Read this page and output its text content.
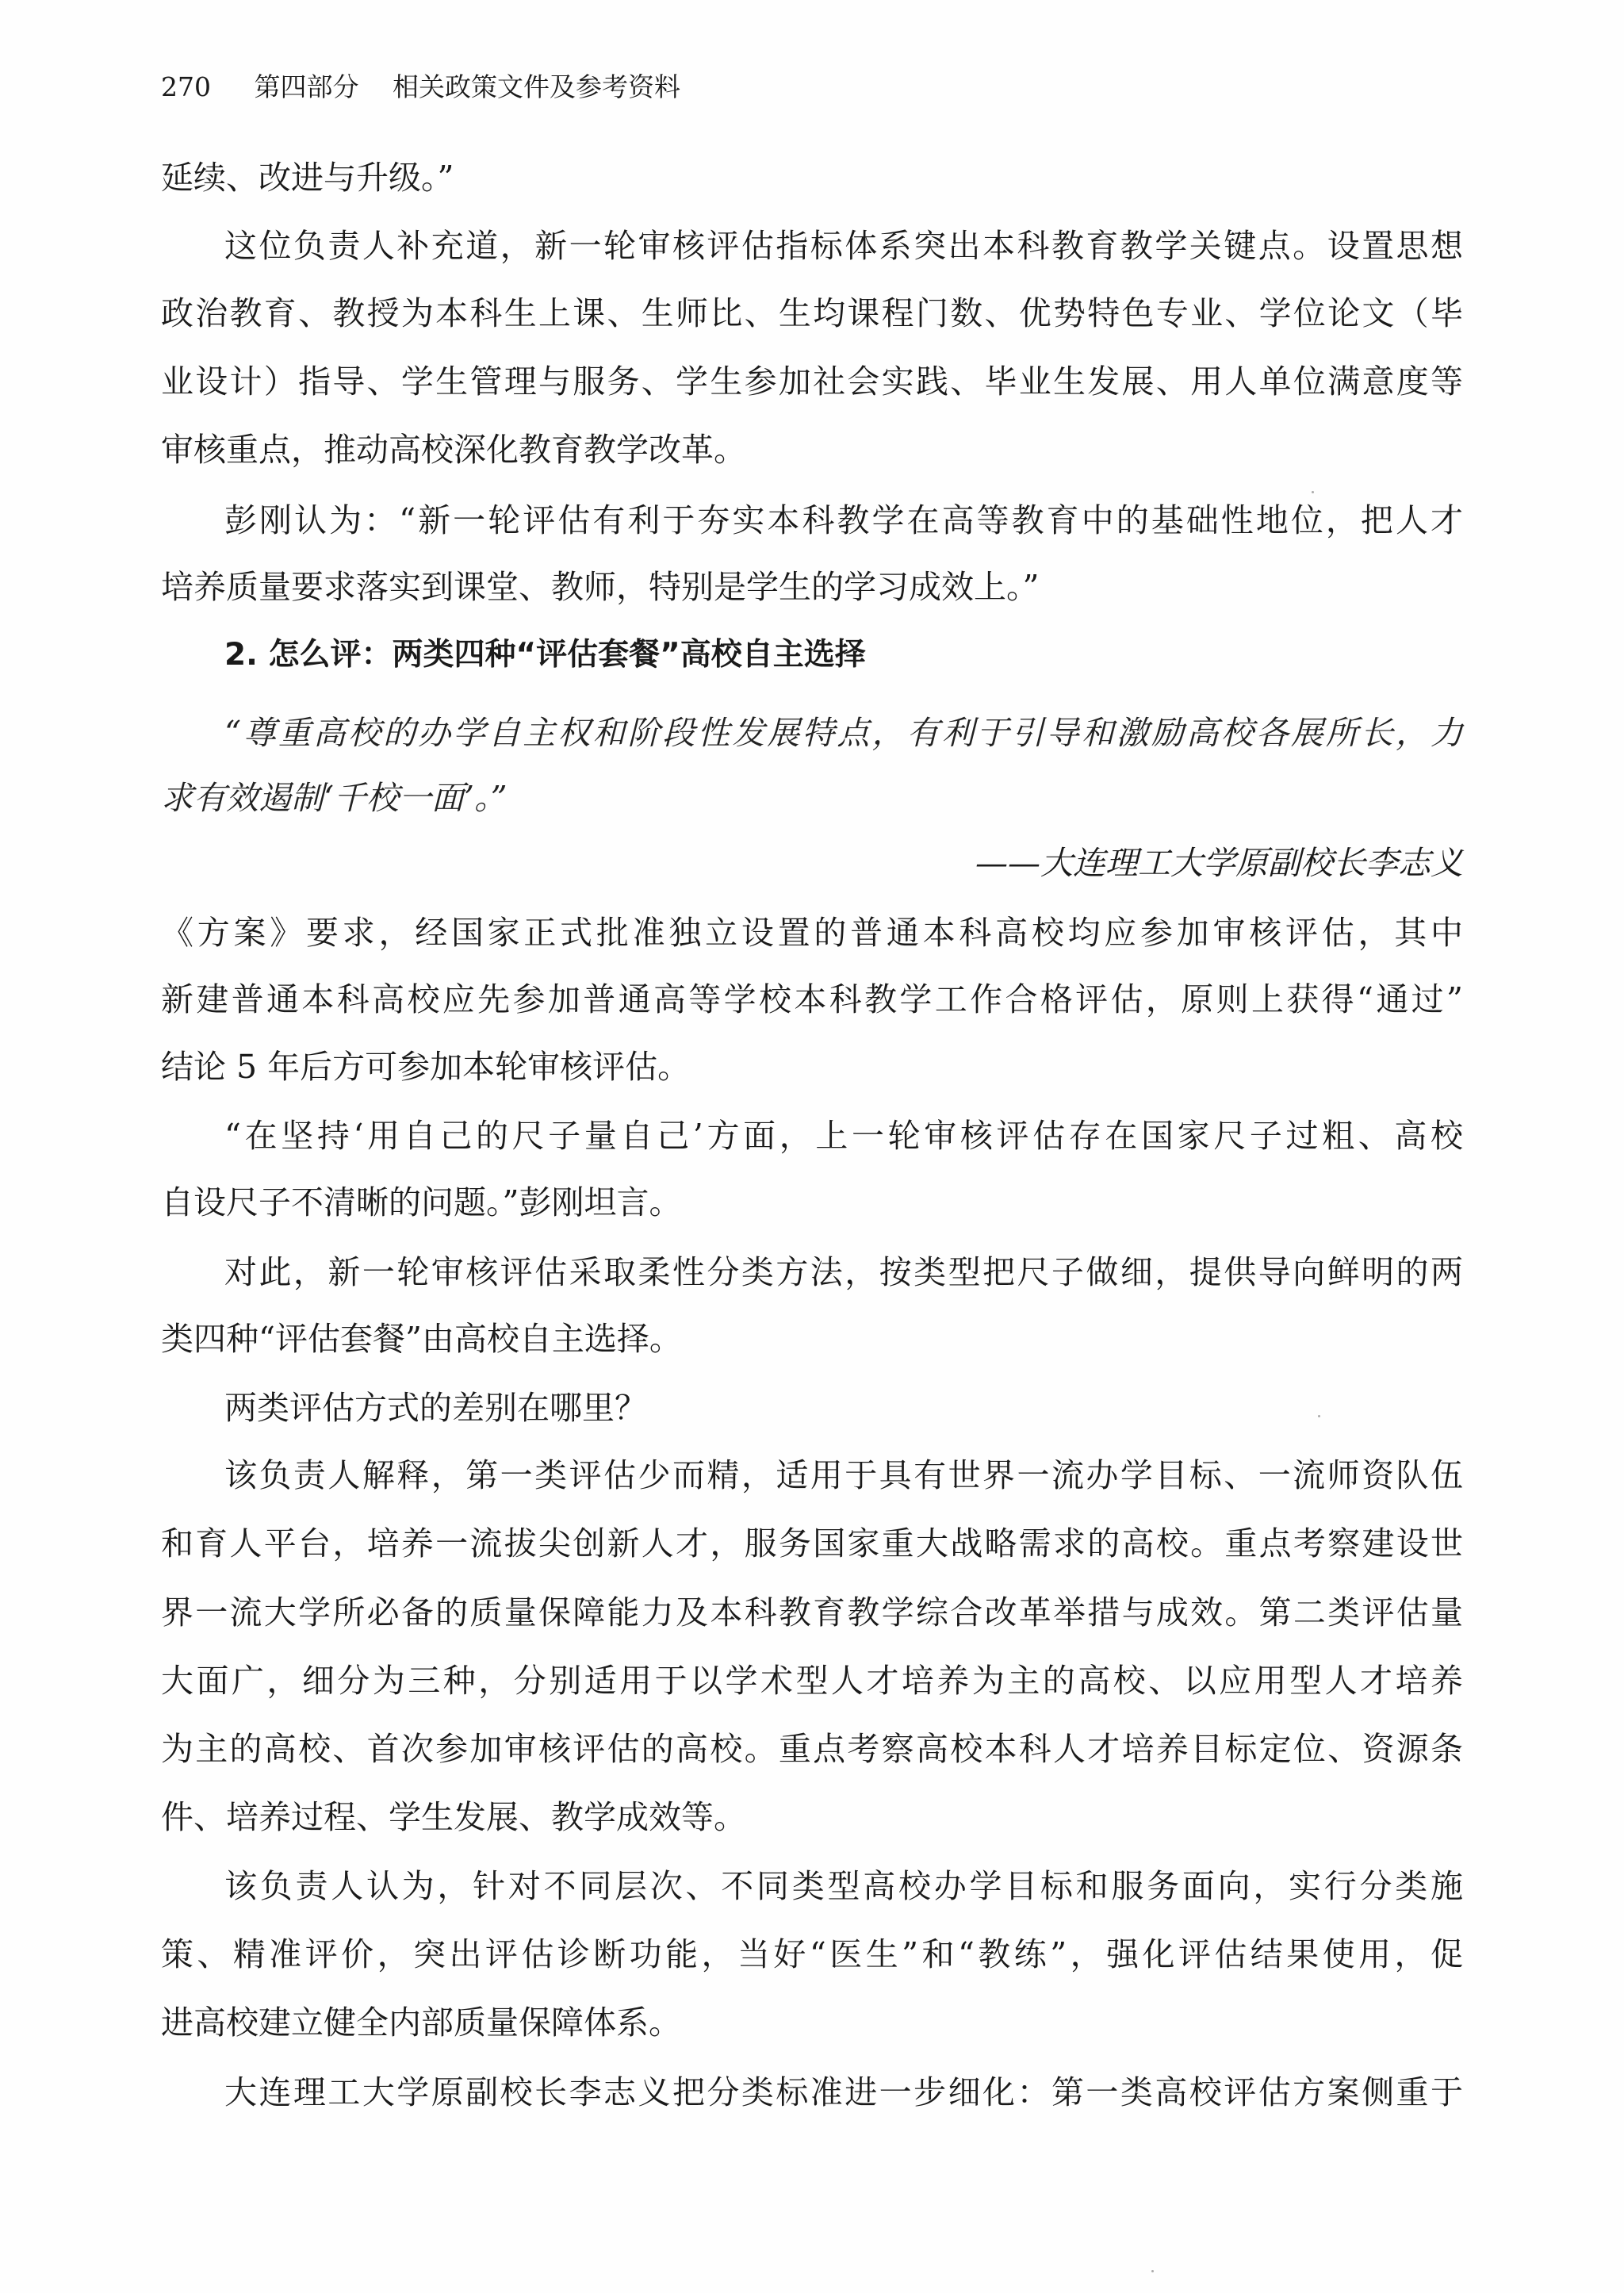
270 第四部分 相关政策文件及参考资料
延续、改进与升级。”
这位负责人补充道，新一轮审核评估指标体系突出本科教育教学关键点。设置思想
政治教育、教授为本科生上课、生师比、生均课程门数、优势特色专业、学位论文（毕
业设计）指导、学生管理与服务、学生参加社会实践、毕业生发展、用人单位满意度等
审核重点，推动高校深化教育教学改革。
彭刚认为：“新一轮评估有利于夯实本科教学在高等教育中的基础性地位，把人才
培养质量要求落实到课堂、教师，特别是学生的学习成效上。”
“尊重高校的办学自主权和阶段性发展特点，有利于引导和激励高校各展所长，力
求有效遏制‘千校一面’。”
《方案》要求，经国家正式批准独立设置的普通本科高校均应参加审核评估，其中
新建普通本科高校应先参加普通高等学校本科教学工作合格评估，原则上获得“通过”
结论 5 年后方可参加本轮审核评估。
“在坚持‘用自己的尺子量自己’方面，上一轮审核评估存在国家尺子过粗、高校
自设尺子不清晰的问题。”彭刚坦言。
对此，新一轮审核评估采取柔性分类方法，按类型把尺子做细，提供导向鲜明的两
类四种“评估套餐”由高校自主选择。
两类评估方式的差别在哪里？
该负责人解释，第一类评估少而精，适用于具有世界一流办学目标、一流师资队伍
和育人平台，培养一流拔尖创新人才，服务国家重大战略需求的高校。重点考察建设世
界一流大学所必备的质量保障能力及本科教育教学综合改革举措与成效。第二类评估量
大面广，细分为三种，分别适用于以学术型人才培养为主的高校、以应用型人才培养
为主的高校、首次参加审核评估的高校。重点考察高校本科人才培养目标定位、资源条
件、培养过程、学生发展、教学成效等。
该负责人认为，针对不同层次、不同类型高校办学目标和服务面向，实行分类施
策、精准评价，突出评估诊断功能，当好“医生”和“教练”，强化评估结果使用，促
进高校建立健全内部质量保障体系。
大连理工大学原副校长李志义把分类标准进一步细化：第一类高校评估方案侧重于
2. 怎么评：两类四种“评估套餐”高校自主选择
——大连理工大学原副校长李志义
